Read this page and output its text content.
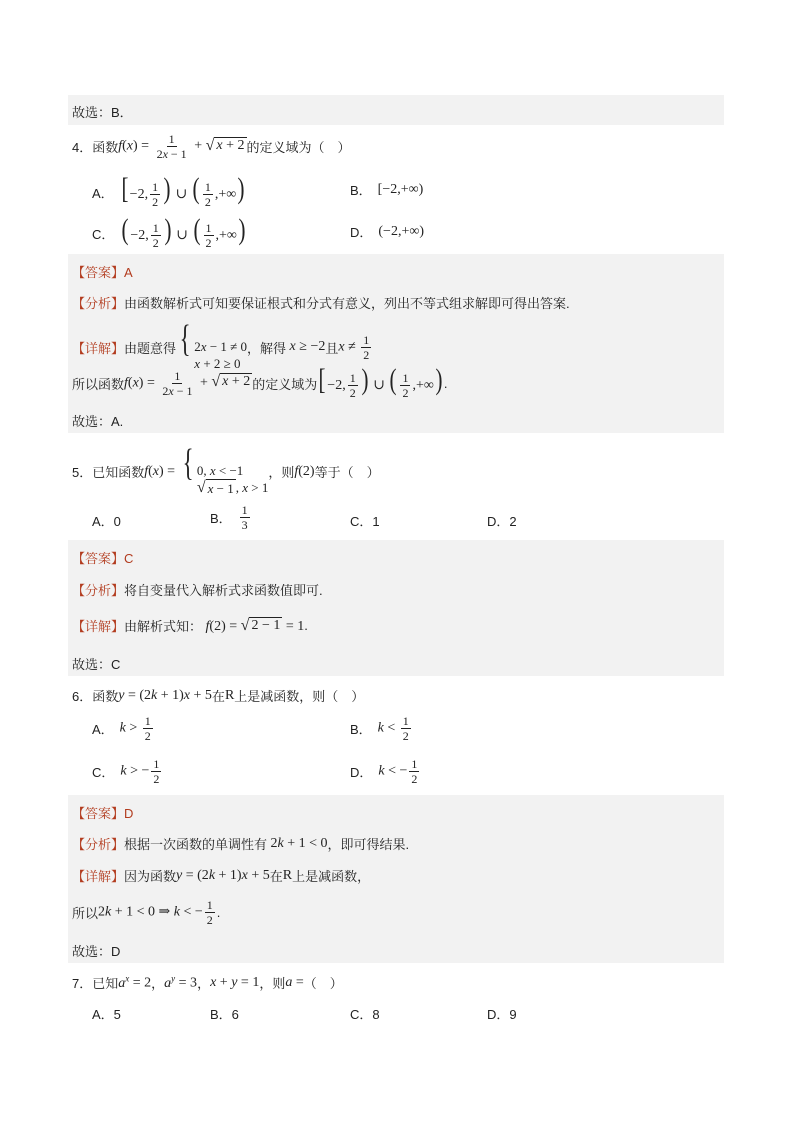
故选：B．
4．函数 $f(x) = \frac{1}{2x - 1}$ + √ x + 2 的定义域为（　）
A． [ −2, $\frac{1}{2}$ ) ∪ ( $\frac{1}{2}$ ,+∞)	B． [−2,+∞)
C． ( −2, $\frac{1}{2}$ ) ∪ ( $\frac{1}{2}$ ,+∞)	D． (−2,+∞)
【答案】A
【分析】 由函数解析式可知要保证根式和分式有意义，列出不等式组求解即可得出答案.
【详解】 由题意得 { 2x − 1 ≠ 0
x + 2 ≥ 0
，解得 x ≥ −2 且 $x \ne \frac{1}{2}$
所以函数 $f(x) = \frac{1}{2x - 1}$ + √ x + 2 的定义域为 [ −2, $\frac{1}{2}$ ) ∪ ( $\frac{1}{2}$ ,+∞) .
故选：A.
5．已知函数 f(x) = { 0, x < −1
√ x − 1 , x > 1
，则 f(2) 等于（　）
A．0	B． $\frac{1}{3}$	C．1	D．2
【答案】C
【分析】 将自变量代入解析式求函数值即可.
【详解】 由解析式知： f(2) = √ 2 − 1 = 1 .
故选：C
6．函数 y = (2k + 1)x + 5 在 R 上是减函数，则（　）
A． $k > \frac{1}{2}$	B． $k < \frac{1}{2}$
C． k > − $\frac{1}{2}$	D． k < − $\frac{1}{2}$
【答案】D
【分析】 根据一次函数的单调性有 2k + 1 < 0 ，即可得结果.
【详解】 因为函数 y = (2k + 1)x + 5 在 R 上是减函数，
所以 2k + 1 < 0 ⇒ k < − $\frac{1}{2}$ .
故选：D
7．已知 $a^x = 2$ ， $a^y = 3$ ， x + y = 1 ，则 a = （　）
A．5	B．6	C．8	D．9
